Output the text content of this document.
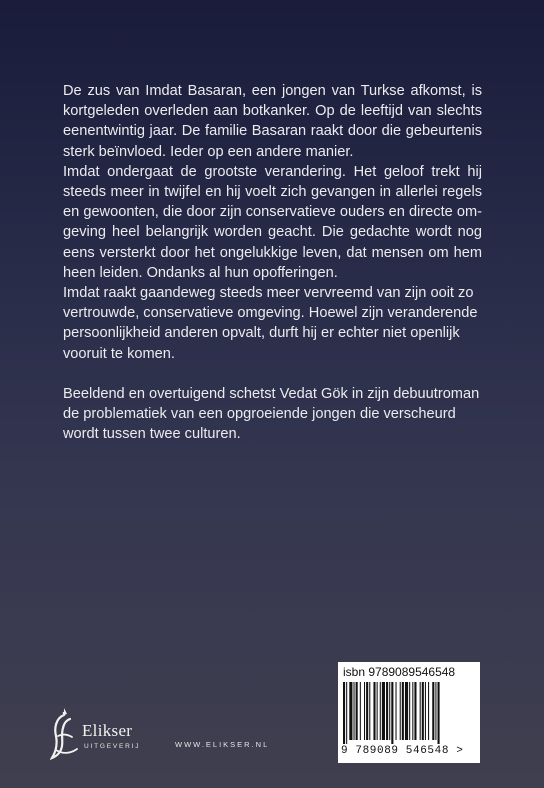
De zus van Imdat Basaran, een jongen van Turkse afkomst, is kortgeleden overleden aan botkanker. Op de leeftijd van slechts eenentwintig jaar. De familie Basaran raakt door die gebeurtenis sterk beïnvloed. Ieder op een andere manier.

Imdat ondergaat de grootste verandering. Het geloof trekt hij steeds meer in twijfel en hij voelt zich gevangen in allerlei regels en gewoonten, die door zijn conservatieve ouders en directe omgeving heel belangrijk worden geacht. Die gedachte wordt nog eens versterkt door het ongelukkige leven, dat mensen om hem heen leiden. Ondanks al hun opofferingen.

Imdat raakt gaandeweg steeds meer vervreemd van zijn ooit zo vertrouwde, conservatieve omgeving. Hoewel zijn veranderende persoonlijkheid anderen opvalt, durft hij er echter niet openlijk vooruit te komen.

Beeldend en overtuigend schetst Vedat Gök in zijn debuutroman de problematiek van een opgroeiende jongen die verscheurd wordt tussen twee culturen.

isbn 9789089546548
9 789089 546548 >
Elikser
UITGEVERIJ	WWW.ELIKSER.NL
